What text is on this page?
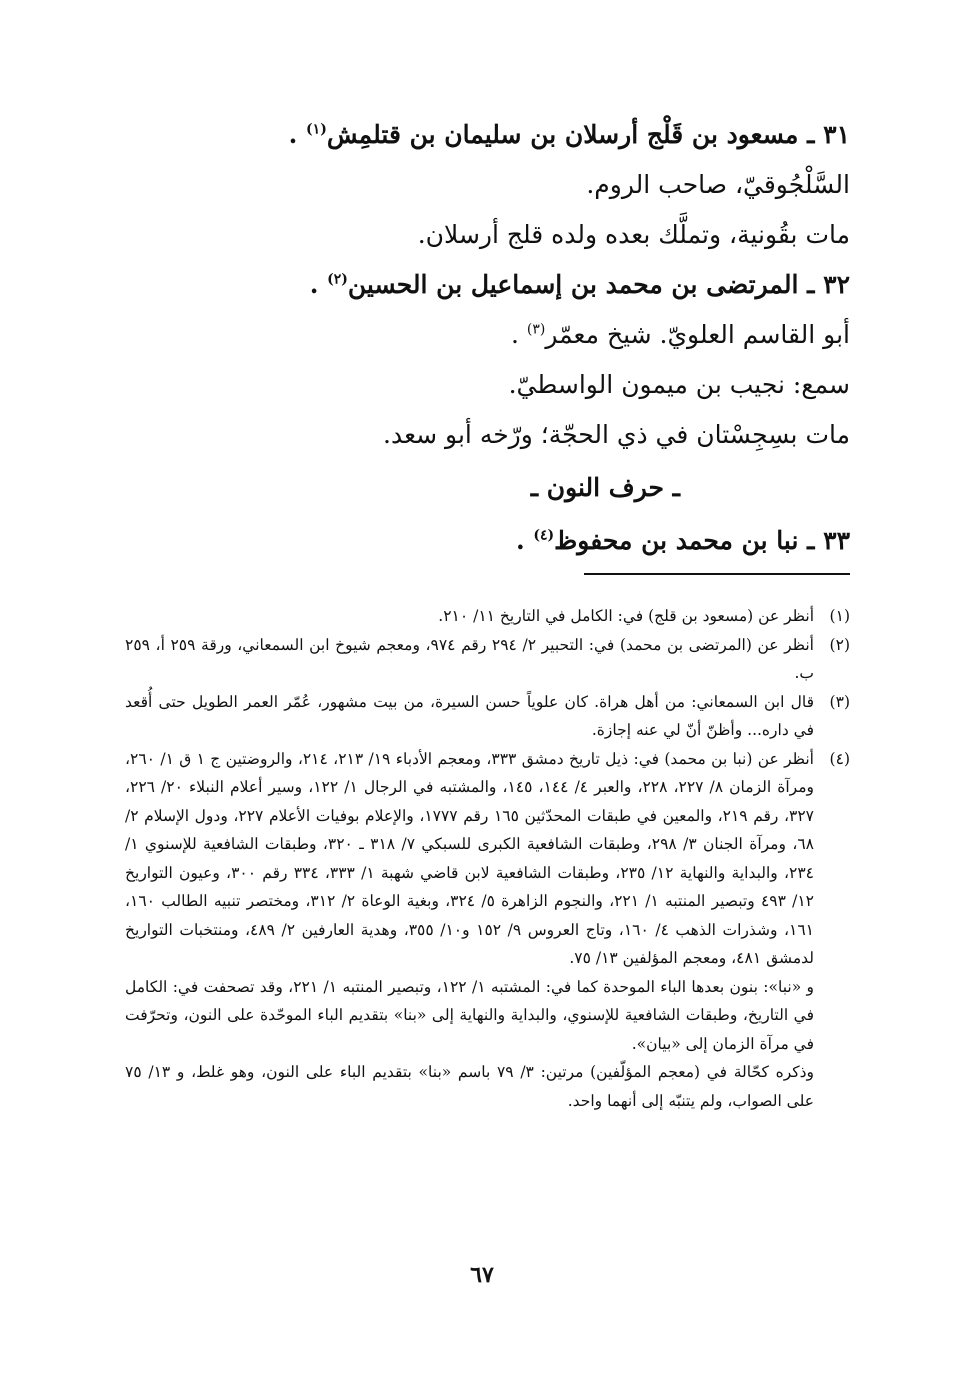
٣١ ـ مسعود بن قَلْج أرسلان بن سليمان بن قتلمِش$^{(١)}$ .
السَّلْجُوقيّ، صاحب الروم.
مات بقُونية، وتملَّك بعده ولده قلج أرسلان.
٣٢ ـ المرتضى بن محمد بن إسماعيل بن الحسين$^{(٢)}$ .
أبو القاسم العلويّ. شيخ معمّر$^{(٣)}$ .
سمع: نجيب بن ميمون الواسطيّ.
مات بسِجِسْتان في ذي الحجّة؛ ورّخه أبو سعد.
ـ حرف النون ـ
٣٣ ـ نبا بن محمد بن محفوظ$^{(٤)}$ .
(١)

أنظر عن (مسعود بن قلج) في: الكامل في التاريخ ١١/ ٢١٠.

(٢)

أنظر عن (المرتضى بن محمد) في: التحبير ٢/ ٢٩٤ رقم ٩٧٤، ومعجم شيوخ ابن السمعاني، ورقة ٢٥٩ أ، ٢٥٩ ب.

(٣)

قال ابن السمعاني: من أهل هراة. كان علوياً حسن السيرة، من بيت مشهور، عُمّر العمر الطويل حتى أُقعد في داره... وأظنّ أنّ لي عنه إجازة.

(٤)

أنظر عن (نبا بن محمد) في: ذيل تاريخ دمشق ٣٣٣، ومعجم الأدباء ١٩/ ٢١٣، ٢١٤، والروضتين ج ١ ق ١/ ٢٦٠، ومرآة الزمان ٨/ ٢٢٧، ٢٢٨، والعبر ٤/ ١٤٤، ١٤٥، والمشتبه في الرجال ١/ ١٢٢، وسير أعلام النبلاء ٢٠/ ٢٢٦، ٣٢٧، رقم ٢١٩، والمعين في طبقات المحدّثين ١٦٥ رقم ١٧٧٧، والإعلام بوفيات الأعلام ٢٢٧، ودول الإسلام ٢/ ٦٨، ومرآة الجنان ٣/ ٢٩٨، وطبقات الشافعية الكبرى للسبكي ٧/ ٣١٨ ـ ٣٢٠، وطبقات الشافعية للإسنوي ١/ ٢٣٤، والبداية والنهاية ١٢/ ٢٣٥، وطبقات الشافعية لابن قاضي شهبة ١/ ٣٣٣، ٣٣٤ رقم ٣٠٠، وعيون التواريخ ١٢/ ٤٩٣ وتبصير المنتبه ١/ ٢٢١، والنجوم الزاهرة ٥/ ٣٢٤، وبغية الوعاة ٢/ ٣١٢، ومختصر تنبيه الطالب ١٦٠، ١٦١، وشذرات الذهب ٤/ ١٦٠، وتاج العروس ٩/ ١٥٢ و١٠/ ٣٥٥، وهدية العارفين ٢/ ٤٨٩، ومنتخبات التواريخ لدمشق ٤٨١، ومعجم المؤلفين ١٣/ ٧٥.

و «نبا»: بنون بعدها الباء الموحدة كما في: المشتبه ١/ ١٢٢، وتبصير المنتبه ١/ ٢٢١، وقد تصحفت في: الكامل في التاريخ، وطبقات الشافعية للإسنوي، والبداية والنهاية إلى «بنا» بتقديم الباء الموحّدة على النون، وتحرّفت في مرآة الزمان إلى «بيان».

وذكره كحّالة في (معجم المؤلّفين) مرتين: ٣/ ٧٩ باسم «بنا» بتقديم الباء على النون، وهو غلط، و ١٣/ ٧٥ على الصواب، ولم يتنبّه إلى أنهما واحد.

٦٧
